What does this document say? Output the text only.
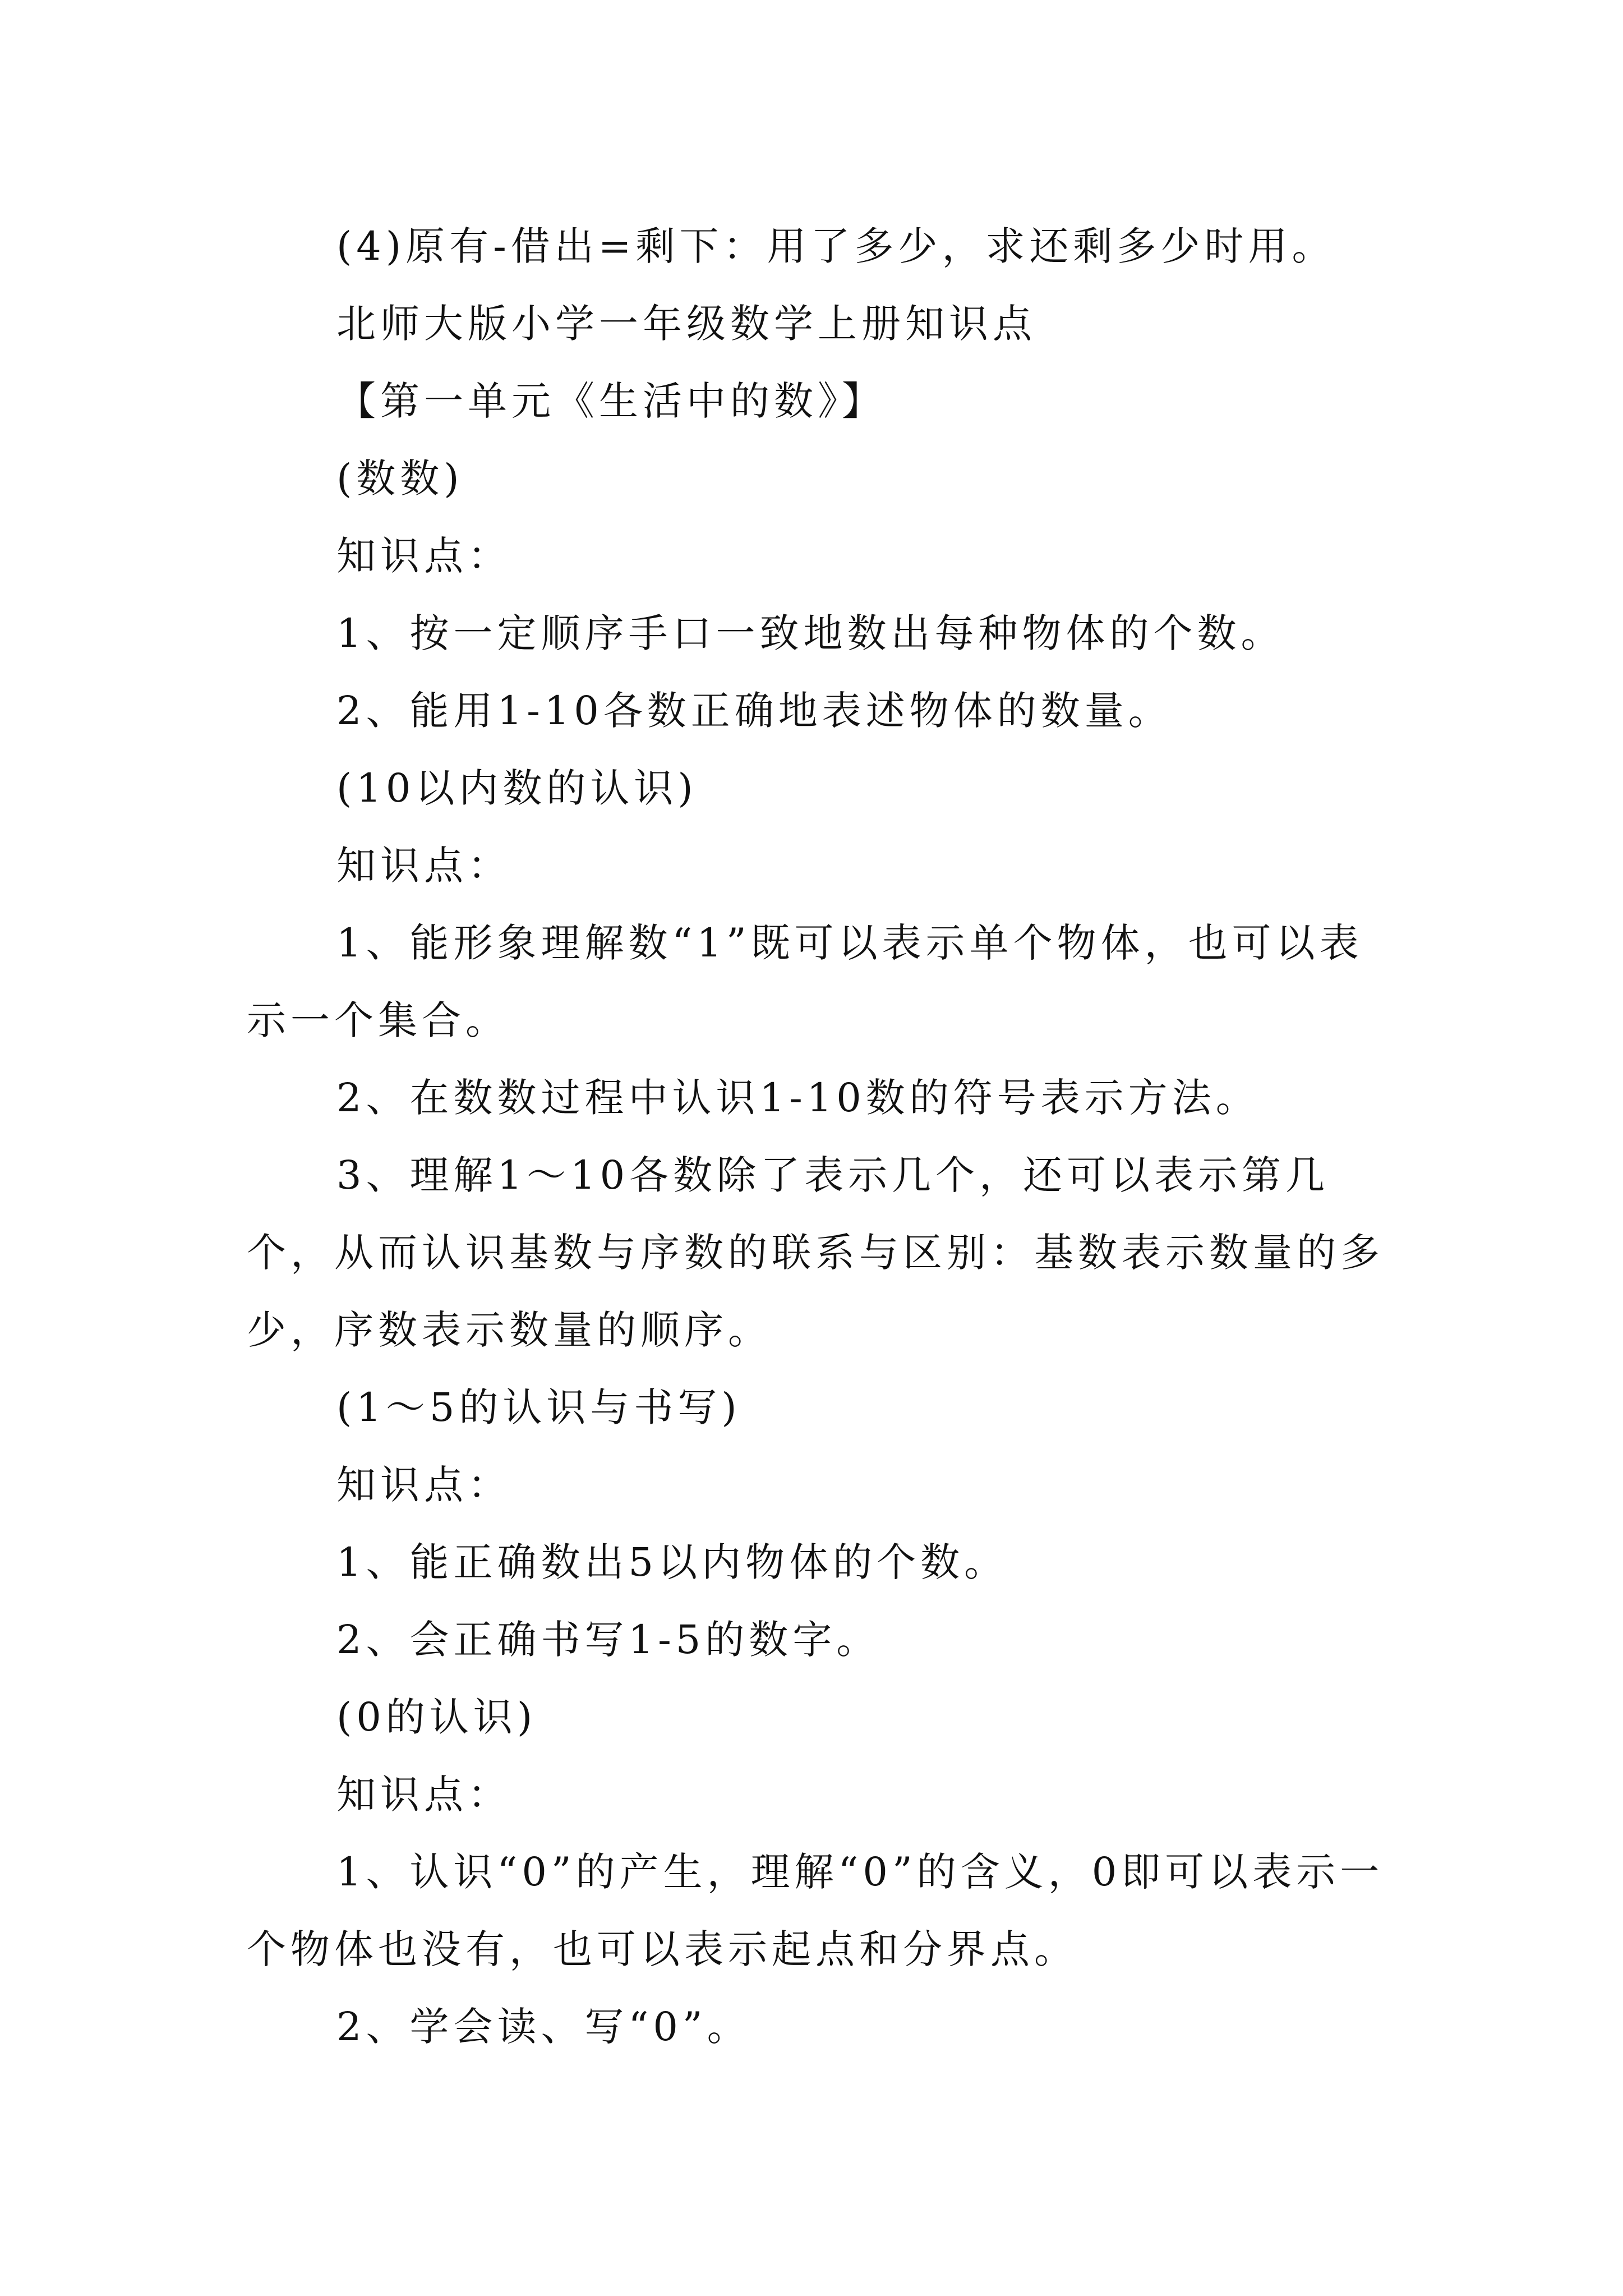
(4)原有-借出=剩下：用了多少，求还剩多少时用。

北师大版小学一年级数学上册知识点

【第一单元《生活中的数》】

(数数)

知识点：

1、按一定顺序手口一致地数出每种物体的个数。

2、能用1-10各数正确地表述物体的数量。

(10以内数的认识)

知识点：

1、能形象理解数“1”既可以表示单个物体，也可以表示一个集合。

2、在数数过程中认识1-10数的符号表示方法。

3、理解1～10各数除了表示几个，还可以表示第几个，从而认识基数与序数的联系与区别：基数表示数量的多少，序数表示数量的顺序。

(1～5的认识与书写)

知识点：

1、能正确数出5以内物体的个数。

2、会正确书写1-5的数字。

(0的认识)

知识点：

1、认识“0”的产生，理解“0”的含义，0即可以表示一个物体也没有，也可以表示起点和分界点。

2、学会读、写“0”。
